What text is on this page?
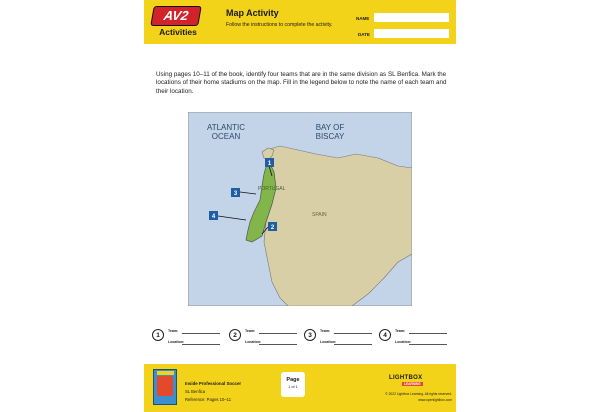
AV2
Activities
Map Activity
Follow the instructions to complete the activity.
NAME
DATE

Using pages 10–11 of the book, identify four teams that are in the same division as SL Benfica. Mark the locations of their home stadiums on the map. Fill in the legend below to note the name of each team and their location.

ATLANTIC OCEAN
BAY OF BISCAY
PORTUGAL
SPAIN
1
2
3
4
1
Team:
Location:
2
Team:
Location:
3
Team:
Location:
4
Team:
Location:
Inside Professional Soccer
SL Benfica
Reference: Pages 10–11
Page
1 of 1
LIGHTBOX
LEARNING
© 2022 Lightbox Learning. All rights reserved.
www.openlightbox.com
